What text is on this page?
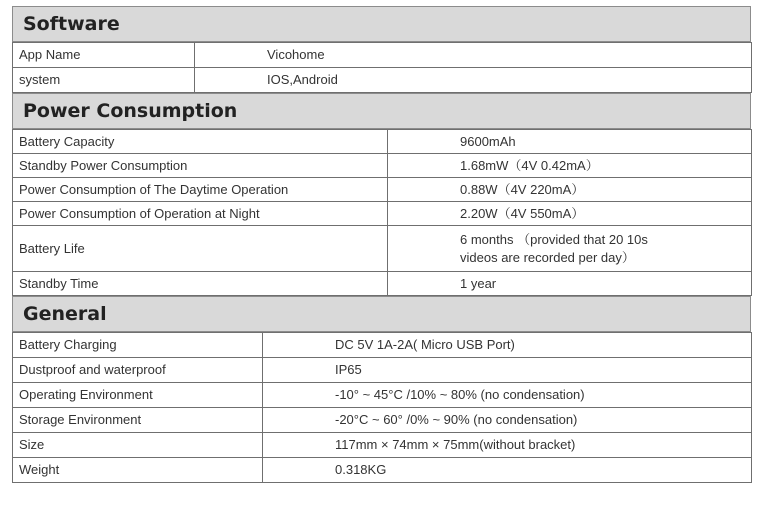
Software
App Name	Vicohome
system	IOS,Android
Power Consumption
Battery Capacity	9600mAh
Standby Power Consumption	1.68mW（4V 0.42mA）
Power Consumption of The Daytime Operation	0.88W（4V 220mA）
Power Consumption of Operation at Night	2.20W（4V 550mA）
Battery Life	6 months （provided that 20 10s
videos are recorded per day）
Standby Time	1 year
General
Battery Charging	DC 5V 1A-2A( Micro USB Port)
Dustproof and waterproof	IP65
Operating Environment	-10° ~ 45°C /10% ~ 80% (no condensation)
Storage Environment	-20°C ~ 60° /0% ~ 90% (no condensation)
Size	117mm × 74mm × 75mm(without bracket)
Weight	0.318KG
